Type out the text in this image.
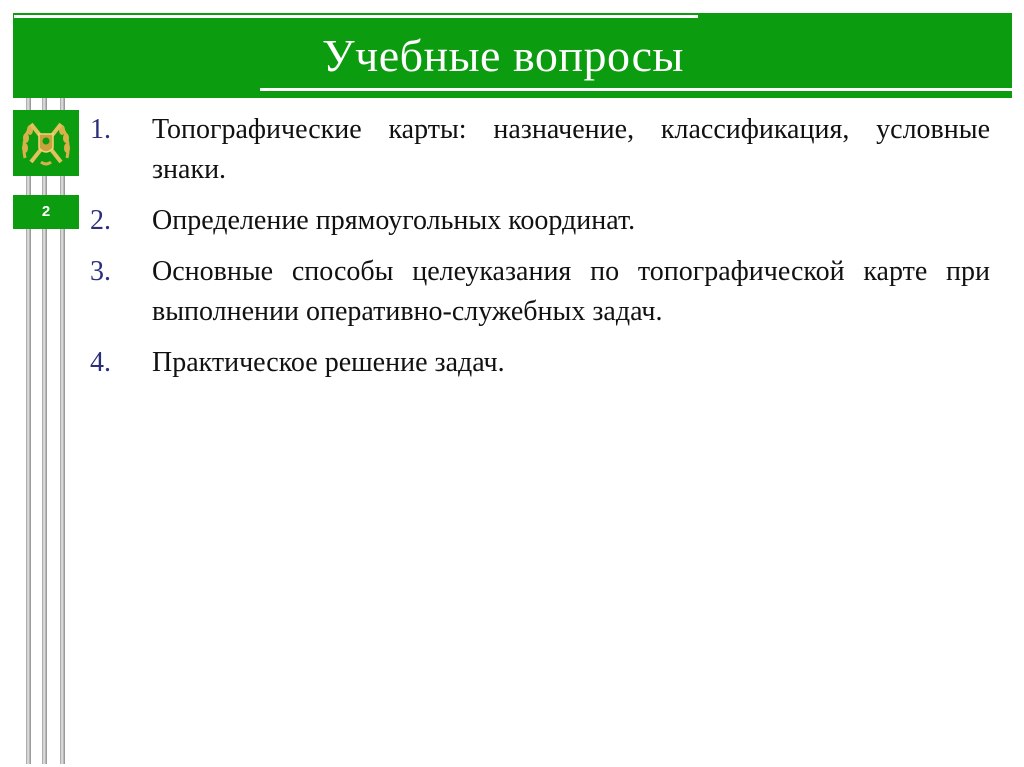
Учебные вопросы
2
1.	Топографические карты: назначение, классификация, условные знаки.
2.	Определение прямоугольных координат.
3.	Основные способы целеуказания по топографической карте при выполнении оперативно-служебных задач.
4.	Практическое решение задач.
